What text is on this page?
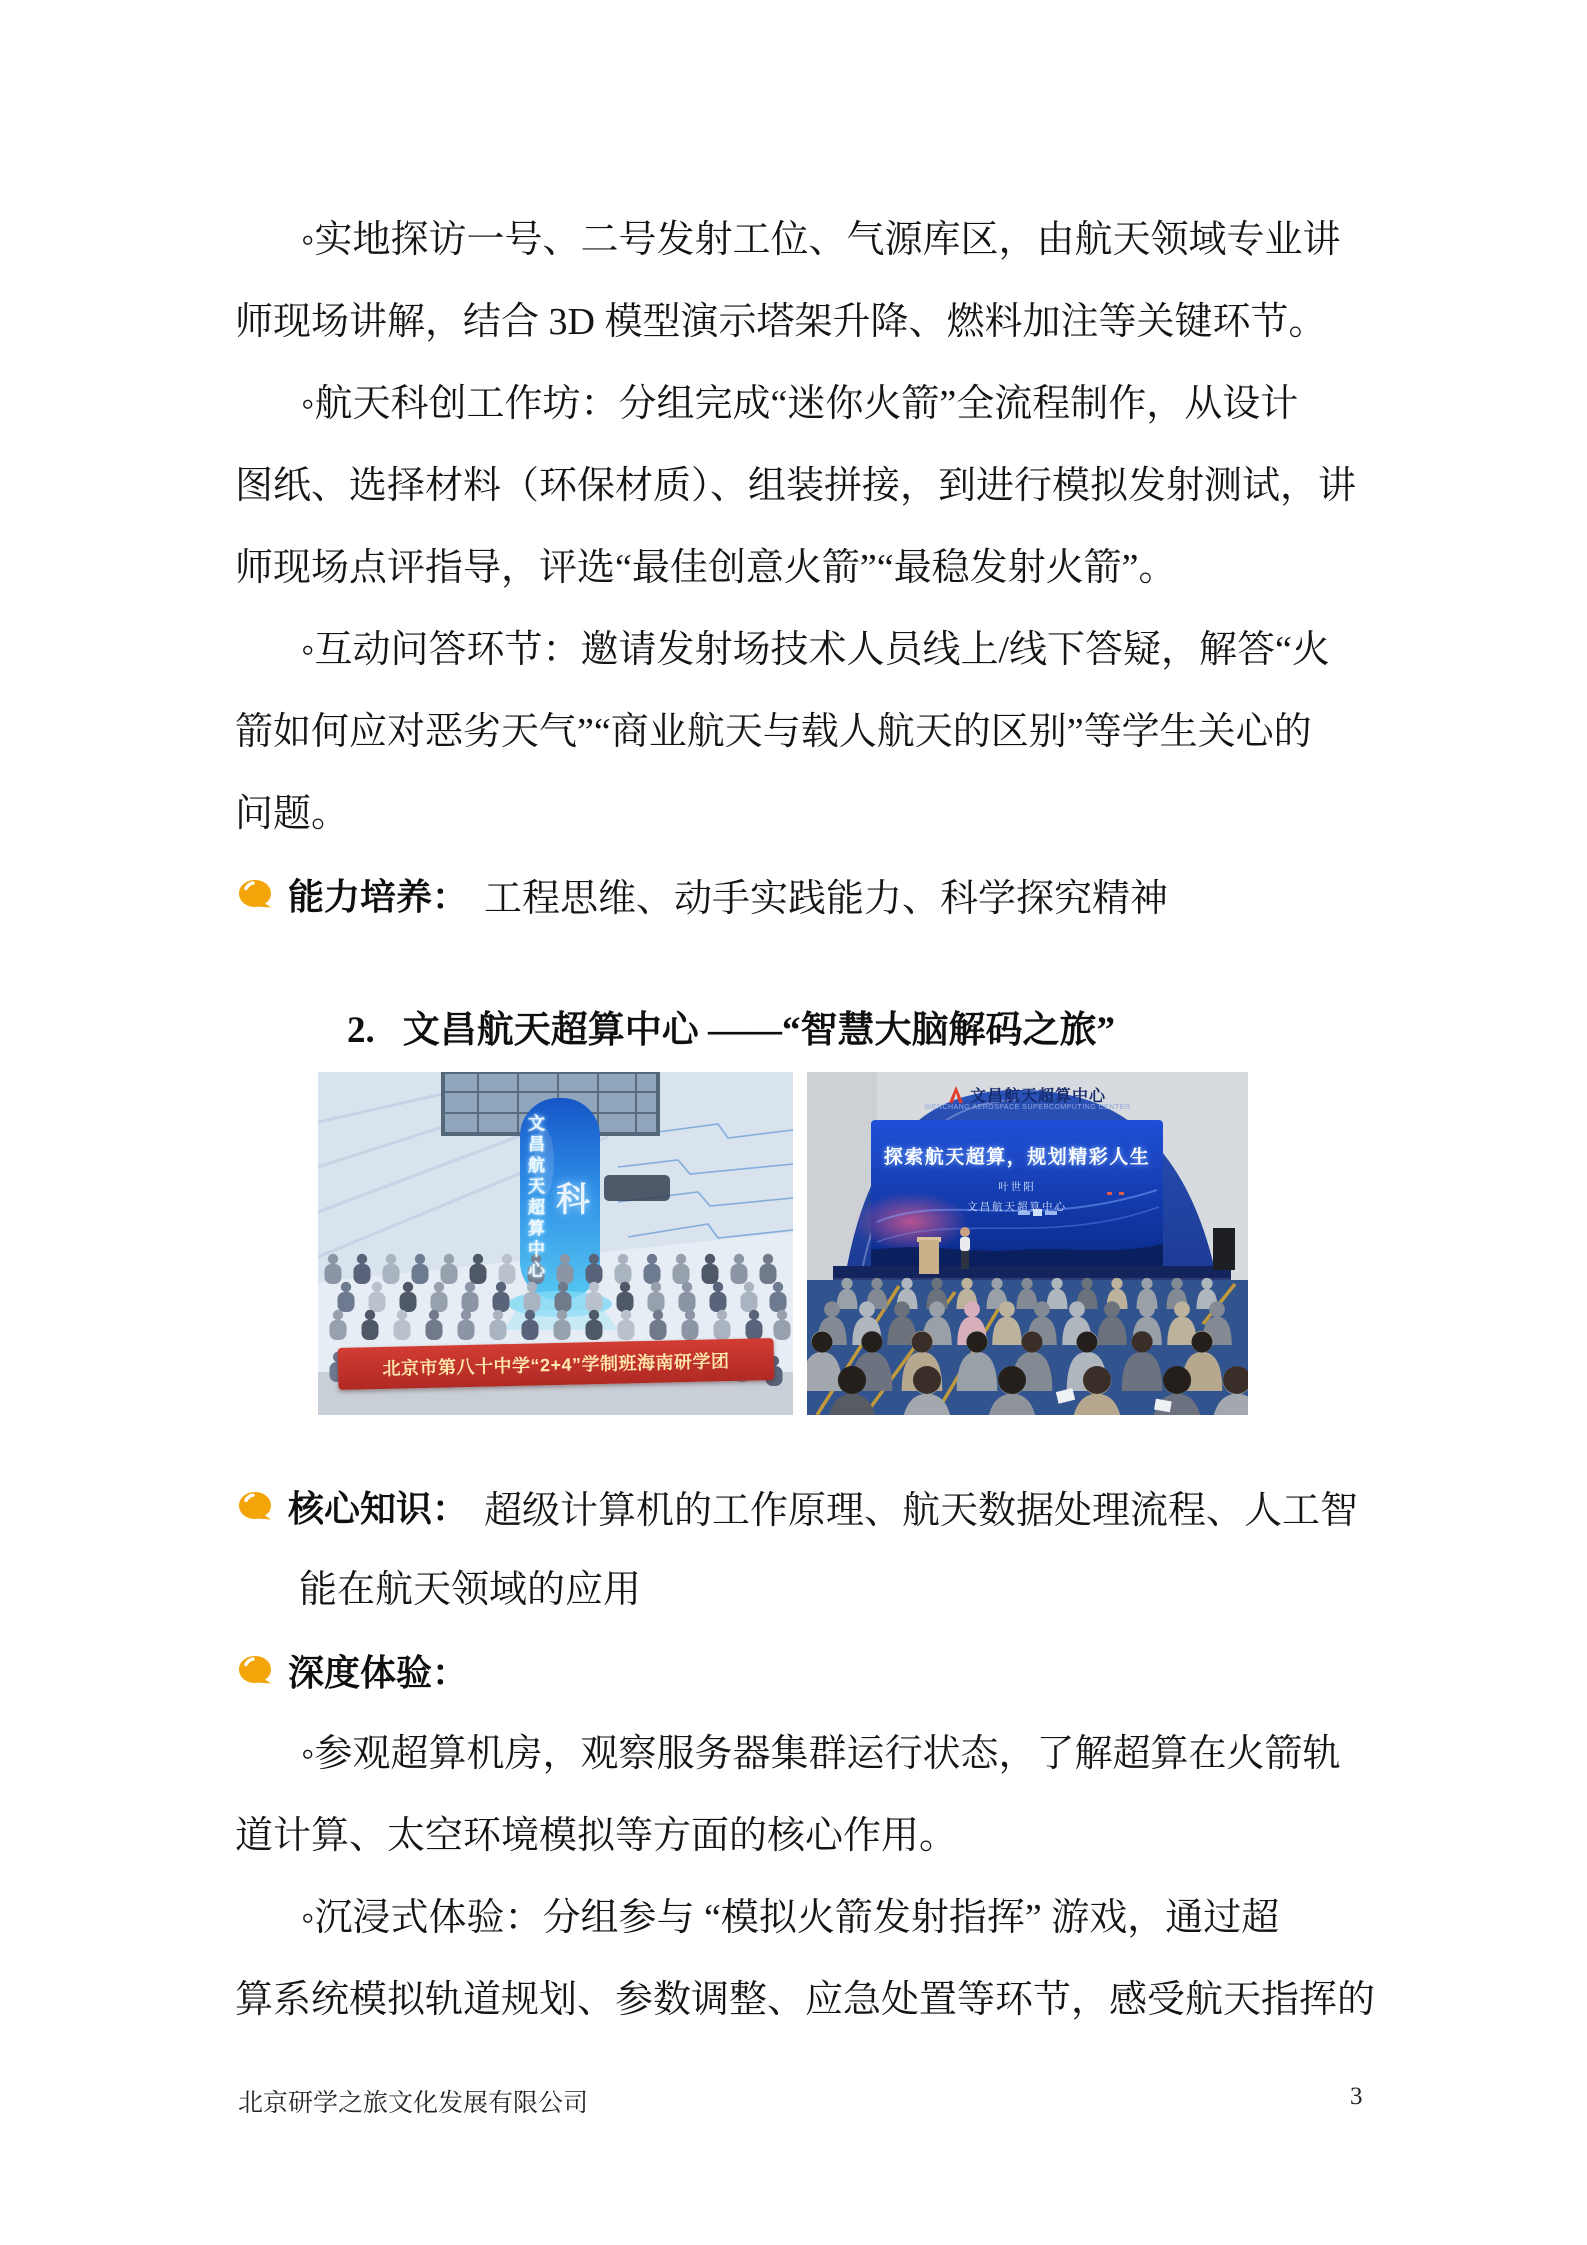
◦实地探访一号、二号发射工位、气源库区，由航天领域专业讲
师现场讲解，结合 3D 模型演示塔架升降、燃料加注等关键环节。
◦航天科创工作坊：分组完成“迷你火箭”全流程制作，从设计
图纸、选择材料（环保材质）、组装拼接，到进行模拟发射测试，讲
师现场点评指导，评选“最佳创意火箭”“最稳发射火箭”。
◦互动问答环节：邀请发射场技术人员线上/线下答疑，解答“火
箭如何应对恶劣天气”“商业航天与载人航天的区别”等学生关心的
问题。
能力培养： 工程思维、动手实践能力、科学探究精神

2. 文昌航天超算中心 ——“智慧大脑解码之旅”

文昌航天超算中心 科
北京市第八十中学“2+4”学制班海南研学团
文昌航天超算中心
WENCHANG AEROSPACE SUPERCOMPUTING CENTER
探索航天超算，规划精彩人生
叶世阳
文昌航天超算中心
核心知识： 超级计算机的工作原理、航天数据处理流程、人工智
能在航天领域的应用
深度体验：
◦参观超算机房，观察服务器集群运行状态，了解超算在火箭轨
道计算、太空环境模拟等方面的核心作用。
◦沉浸式体验：分组参与 “模拟火箭发射指挥” 游戏，通过超
算系统模拟轨道规划、参数调整、应急处置等环节，感受航天指挥的
北京研学之旅文化发展有限公司	3
